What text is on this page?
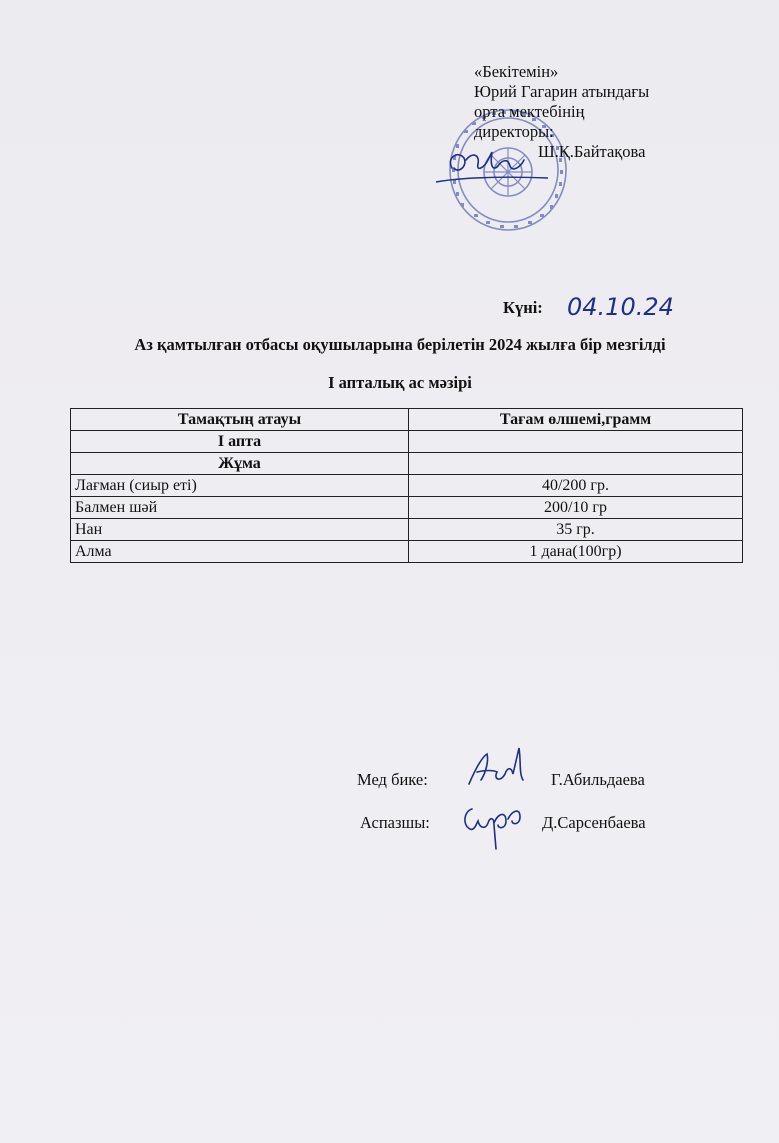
«Бекітемін»
Юрий Гагарин атындағы
орта мектебінің
директоры:
Ш.Қ.Байтақова
Күні: 04.10.24
Аз қамтылған отбасы оқушыларына берілетін 2024 жылға бір мезгілді
І апталық ас мәзірі
Тамақтың атауы	Тағам өлшемі,грамм
І апта	
Жұма	
Лағман (сиыр еті)	40/200 гр.
Балмен шәй	200/10 гр
Нан	35 гр.
Алма	1 дана(100гр)
Мед бике:	Г.Абильдаева
Аспазшы:	Д.Сарсенбаева
